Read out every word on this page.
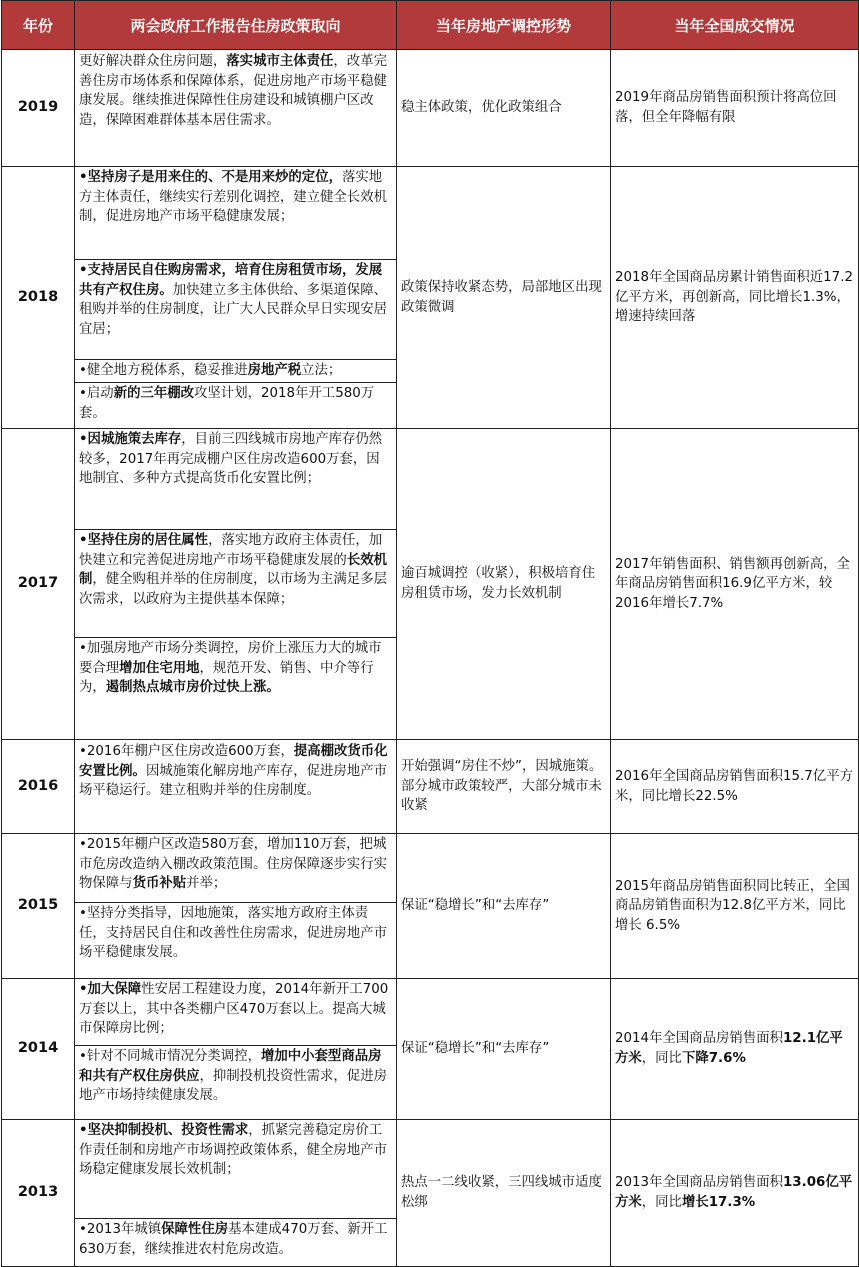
年份	两会政府工作报告住房政策取向	当年房地产调控形势	当年全国成交情况
2019	更好解决群众住房问题，落实城市主体责任，改革完善住房市场体系和保障体系，促进房地产市场平稳健康发展。继续推进保障性住房建设和城镇棚户区改造，保障困难群体基本居住需求。	稳主体政策，优化政策组合	2019年商品房销售面积预计将高位回落，但全年降幅有限
2018	•坚持房子是用来住的、不是用来炒的定位，落实地方主体责任，继续实行差别化调控，建立健全长效机制，促进房地产市场平稳健康发展；
•支持居民自住购房需求，培育住房租赁市场，发展共有产权住房。加快建立多主体供给、多渠道保障、租购并举的住房制度，让广大人民群众早日实现安居宜居；
•健全地方税体系，稳妥推进房地产税立法；
•启动新的三年棚改攻坚计划，2018年开工580万套。	政策保持收紧态势，局部地区出现政策微调	2018年全国商品房累计销售面积近17.2亿平方米，再创新高，同比增长1.3%，增速持续回落
2017	•因城施策去库存，目前三四线城市房地产库存仍然较多，2017年再完成棚户区住房改造600万套，因地制宜、多种方式提高货币化安置比例；
•坚持住房的居住属性，落实地方政府主体责任，加快建立和完善促进房地产市场平稳健康发展的长效机制，健全购租并举的住房制度，以市场为主满足多层次需求，以政府为主提供基本保障；
•加强房地产市场分类调控，房价上涨压力大的城市要合理增加住宅用地，规范开发、销售、中介等行为，遏制热点城市房价过快上涨。	逾百城调控（收紧），积极培育住房租赁市场，发力长效机制	2017年销售面积、销售额再创新高，全年商品房销售面积16.9亿平方米，较2016年增长7.7%
2016	•2016年棚户区住房改造600万套，提高棚改货币化安置比例。因城施策化解房地产库存，促进房地产市场平稳运行。建立租购并举的住房制度。	开始强调“房住不炒”，因城施策。部分城市政策较严，大部分城市未收紧	2016年全国商品房销售面积15.7亿平方米，同比增长22.5%
2015	•2015年棚户区改造580万套，增加110万套，把城市危房改造纳入棚改政策范围。住房保障逐步实行实物保障与货币补贴并举；
•坚持分类指导，因地施策，落实地方政府主体责任，支持居民自住和改善性住房需求，促进房地产市场平稳健康发展。	保证“稳增长”和“去库存”	2015年商品房销售面积同比转正，全国商品房销售面积为12.8亿平方米，同比增长 6.5%
2014	•加大保障性安居工程建设力度，2014年新开工700万套以上，其中各类棚户区470万套以上。提高大城市保障房比例；
•针对不同城市情况分类调控，增加中小套型商品房和共有产权住房供应，抑制投机投资性需求，促进房地产市场持续健康发展。	保证“稳增长”和“去库存”	2014年全国商品房销售面积12.1亿平方米，同比下降7.6%
2013	•坚决抑制投机、投资性需求，抓紧完善稳定房价工作责任制和房地产市场调控政策体系，健全房地产市场稳定健康发展长效机制；
•2013年城镇保障性住房基本建成470万套、新开工630万套，继续推进农村危房改造。	热点一二线收紧，三四线城市适度松绑	2013年全国商品房销售面积13.06亿平方米，同比增长17.3%
